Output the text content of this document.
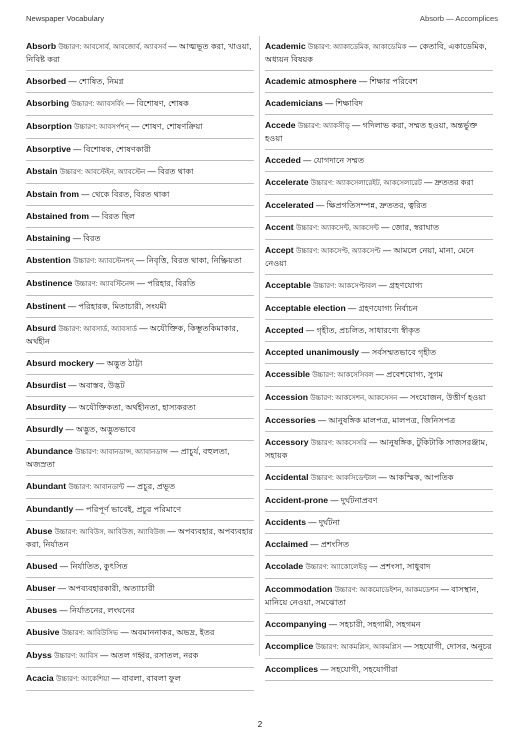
Newspaper Vocabulary	Absorb — Accomplices
Absorb উচ্চারণ: আবসোর্ব, আবজোর্ব, অ্যাবসর্ব — আত্মভূত করা, খাওয়া, নিবিষ্ট করা
Absorbed — শোষিত, নিমগ্ন
Absorbing উচ্চারণ: অ্যাবসর্বিং — বিশোষণ, শোষক
Absorption উচ্চারণ: আবসর্পশন্ — শোষণ, শোষণক্রিয়া
Absorptive — বিশোষক, শোষণকারী
Abstain উচ্চারণ: আবস্টেইন, অ্যাবস্টেন — বিরত থাকা
Abstain from — থেকে বিরত, বিরত থাকা
Abstained from — বিরত ছিল
Abstaining — বিরত
Abstention উচ্চারণ: অ্যাবস্টেনশন্ — নিবৃত্তি, বিরত থাকা, নিষ্ক্রিয়তা
Abstinence উচ্চারণ: অ্যাবস্টিনেন্স — পরিহার, বিরতি
Abstinent — পরিহারক, মিতাচারী, সংযমী
Absurd উচ্চারণ: আবসার্ড, অ্যাবসার্ড — অযৌক্তিক, কিম্ভূতকিমাকার, অর্থহীন
Absurd mockery — অদ্ভুত ঠাট্টা
Absurdist — অবাস্তব, উদ্ভট
Absurdity — অযৌক্তিকতা, অর্থহীনতা, হাস্যকরতা
Absurdly — অদ্ভুত, অদ্ভুতভাবে
Abundance উচ্চারণ: আবানডান্স, অ্যাবানডান্স — প্রাচুর্য, বহুলতা, অজস্রতা
Abundant উচ্চারণ: আবানডান্ট — প্রচুর, প্রভূত
Abundantly — পরিপূর্ণ ভাবেই, প্রচুর পরিমাণে
Abuse উচ্চারণ: আবিউস, আবিউজ, অ্যাবিউজ — অপব্যবহার, অপব্যবহার করা, নির্যাতন
Abused — নির্যাতিত, কুৎসিত
Abuser — অপব্যবহারকারী, অত্যাচারী
Abuses — নির্যাতনের, লংঘনের
Abusive উচ্চারণ: আবিউসিভ — অবমাননাকর, অভদ্র, ইতর
Abyss উচ্চারণ: আবিস — অতল গহ্বর, রসাতল, নরক
Acacia উচ্চারণ: আকেশিয়া — বাবলা, বাবলা ফুল
Academic উচ্চারণ: অ্যাকাডেমিক, আকাডেমিক — কেতাবি, একাডেমিক, অধ্যয়ন বিষয়ক
Academic atmosphere — শিক্ষার পরিবেশ
Academicians — শিক্ষাবিদ
Accede উচ্চারণ: অ্যাকসীড্ — গদিলাভ করা, সম্মত হওয়া, অন্তর্ভুক্ত হওয়া
Acceded — যোগদানে সম্মত
Accelerate উচ্চারণ: অ্যাকসেলারেইট, আকসেলারেট — দ্রুততর করা
Accelerated — ক্ষিপ্রগতিসম্পন্ন, দ্রুততর, ত্বরিত
Accent উচ্চারণ: অ্যাকসেন্ট, আকসেন্ট — জোর, স্বরাঘাত
Accept উচ্চারণ: আকসেপ্ট, অ্যাকসেপ্ট — আমলে নেয়া, মানা, মেনে নেওয়া
Acceptable উচ্চারণ: আকসেপ্টাবল — গ্রহণযোগ্য
Acceptable election — গ্রহণযোগ্য নির্বাচন
Accepted — গৃহীত, প্রচলিত, সাধারণ্যে স্বীকৃত
Accepted unanimously — সর্বসম্মতভাবে গৃহীত
Accessible উচ্চারণ: আকসেসিবল — প্রবেশযোগ্য, সুগম
Accession উচ্চারণ: আকসেশন, আকসেসন — সংযোজন, উত্তীর্ণ হওয়া
Accessories — আনুষঙ্গিক মালপত্র, মালপত্র, জিনিসপত্র
Accessory উচ্চারণ: আকসেসরি — আনুষঙ্গিক, টুকিটাকি সাজসরঞ্জাম, সহায়ক
Accidental উচ্চারণ: আকসিডেন্টাল — আকস্মিক, আপতিক
Accident-prone — দুর্ঘটনাপ্রবণ
Accidents — দুর্ঘটনা
Acclaimed — প্রশংসিত
Accolade উচ্চারণ: অ্যাকোলেইড্ — প্রশংসা, সাধুবাদ
Accommodation উচ্চারণ: আকমোডেইশন, আকমডেশন — বাসস্থান, মানিয়ে নেওয়া, সমঝোতা
Accompanying — সহচারী, সহগামী, সহগমন
Accomplice উচ্চারণ: আকমপ্লিস, আকমপ্লিস — সহযোগী, দোসর, অনুচর
Accomplices — সহযোগী, সহযোগীরা
2
